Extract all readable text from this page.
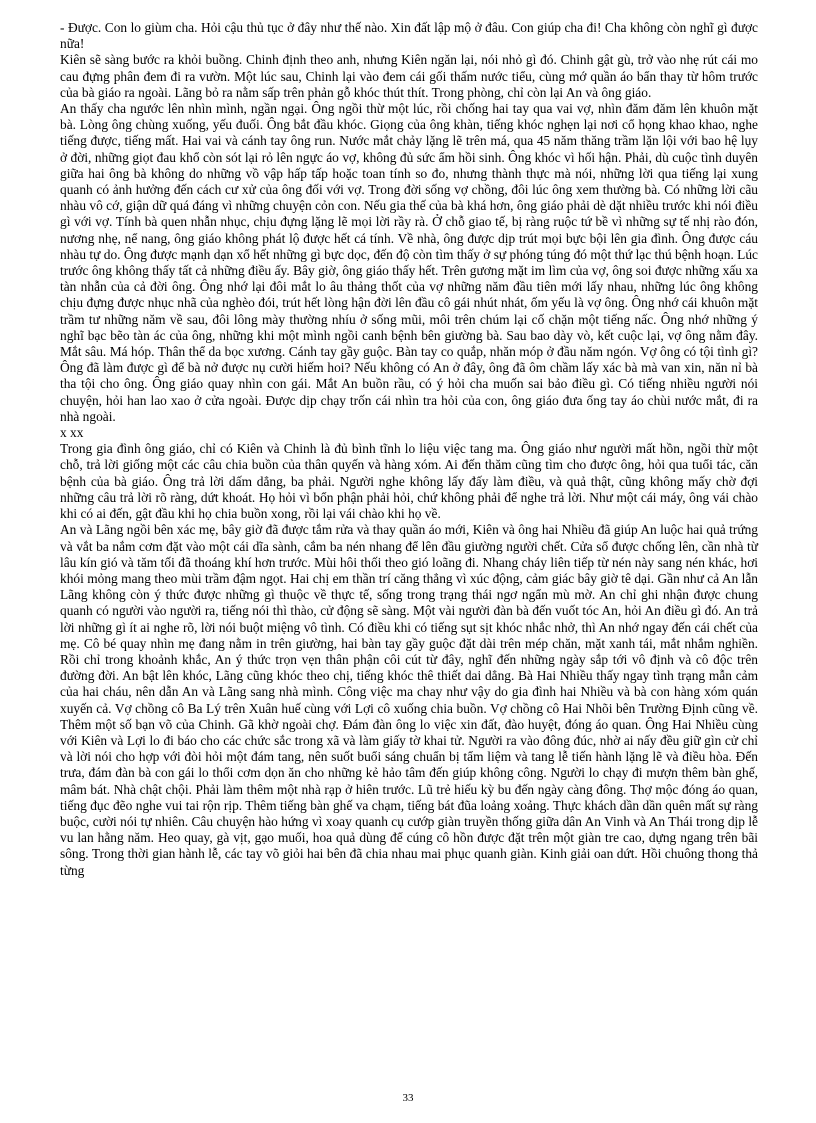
- Được. Con lo giùm cha. Hỏi cậu thủ tục ở đây như thế nào. Xin đất lập mộ ở đâu. Con giúp cha đi! Cha không còn nghĩ gì được nữa!

Kiên sẽ sàng bước ra khỏi buồng. Chinh định theo anh, nhưng Kiên ngăn lại, nói nhỏ gì đó. Chinh gật gù, trở vào nhẹ rút cái mo cau đựng phân đem đi ra vườn. Một lúc sau, Chinh lại vào đem cái gối thấm nước tiểu, cùng mớ quần áo bẩn thay từ hôm trước của bà giáo ra ngoài. Lãng bỏ ra nằm sấp trên phản gỗ khóc thút thít. Trong phòng, chỉ còn lại An và ông giáo.

An thấy cha ngước lên nhìn mình, ngần ngại. Ông ngồi thừ một lúc, rồi chống hai tay qua vai vợ, nhìn đăm đăm lên khuôn mặt bà. Lòng ông chùng xuống, yếu đuối. Ông bắt đầu khóc. Giọng của ông khàn, tiếng khóc nghẹn lại nơi cổ họng khao khao, nghe tiếng được, tiếng mất. Hai vai và cánh tay ông run. Nước mắt chảy lặng lẽ trên má, qua 45 năm thăng trầm lặn lội với bao hệ lụy ở đời, những giọt đau khổ còn sót lại rỏ lên ngực áo vợ, không đủ sức ẩm hồi sinh. Ông khóc vì hối hận. Phải, dù cuộc tình duyên giữa hai ông bà không do những vồ vập hấp tấp hoặc toan tính so đo, nhưng thành thực mà nói, những lời qua tiếng lại xung quanh có ảnh hưởng đến cách cư xử của ông đối với vợ. Trong đời sống vợ chồng, đôi lúc ông xem thường bà. Có những lời cãu nhàu vô cớ, giận dữ quá đáng vì những chuyện cỏn con. Nếu gia thế của bà khá hơn, ông giáo phải dè dặt nhiều trước khi nói điều gì với vợ. Tính bà quen nhẫn nhục, chịu đựng lặng lẽ mọi lời rầy rà. Ở chỗ giao tế, bị ràng ruộc tứ bề vì những sự tế nhị rào đón, nương nhẹ, nể nang, ông giáo không phát lộ được hết cá tính. Về nhà, ông được dịp trút mọi bực bội lên gia đình. Ông được cáu nhàu tự do. Ông được mạnh dạn xổ hết những gì bực dọc, đến độ còn tìm thấy ở sự phóng túng đó một thứ lạc thú bệnh hoạn. Lúc trước ông không thấy tất cả những điều ấy. Bây giờ, ông giáo thấy hết. Trên gương mặt im lìm của vợ, ông soi được những xấu xa tàn nhẫn của cả đời ông. Ông nhớ lại đôi mắt lo âu thảng thốt của vợ những năm đầu tiên mới lấy nhau, những lúc ông không chịu đựng được nhục nhã của nghèo đói, trút hết lòng hận đời lên đầu cô gái nhút nhát, ốm yếu là vợ ông. Ông nhớ cái khuôn mặt trầm tư những năm về sau, đôi lông mày thường nhíu ở sống mũi, môi trên chúm lại cố chặn một tiếng nấc. Ông nhớ những ý nghĩ bạc bẽo tàn ác của ông, những khi một mình ngồi canh bệnh bên giường bà. Sau bao dày vò, kết cuộc lại, vợ ông nằm đây. Mắt sâu. Má hóp. Thân thể da bọc xương. Cánh tay gầy guộc. Bàn tay co quắp, nhăn móp ở đầu năm ngón. Vợ ông có tội tình gì? Ông đã làm được gì để bà nở được nụ cười hiếm hoi? Nếu không có An ở đây, ông đã ôm chầm lấy xác bà mà van xin, năn nỉ bà tha tội cho ông. Ông giáo quay nhìn con gái. Mắt An buồn rầu, có ý hỏi cha muốn sai bảo điều gì. Có tiếng nhiều người nói chuyện, hỏi han lao xao ở cửa ngoài. Được dịp chạy trốn cái nhìn tra hỏi của con, ông giáo đưa ống tay áo chùi nước mắt, đi ra nhà ngoài.

x xx

Trong gia đình ông giáo, chỉ có Kiên và Chinh là đủ bình tĩnh lo liệu việc tang ma. Ông giáo như người mất hồn, ngồi thừ một chỗ, trả lời giống một các câu chia buồn của thân quyến và hàng xóm. Ai đến thăm cũng tìm cho được ông, hỏi qua tuổi tác, căn bệnh của bà giáo. Ông trả lời dấm dẳng, ba phải. Người nghe không lấy đấy làm điều, và quả thật, cũng không mấy chờ đợi những câu trả lời rõ ràng, dứt khoát. Họ hỏi vì bổn phận phải hỏi, chứ không phải để nghe trả lời. Như một cái máy, ông vái chào khi có ai đến, gật đầu khi họ chia buồn xong, rồi lại vái chào khi họ về.

An và Lãng ngồi bên xác mẹ, bây giờ đã được tắm rửa và thay quần áo mới, Kiên và ông hai Nhiều đã giúp An luộc hai quả trứng và vắt ba nắm cơm đặt vào một cái dĩa sành, cắm ba nén nhang để lên đầu giường người chết. Cửa sổ được chống lên, cần nhà từ lâu kín gió và tăm tối đã thoáng khí hơn trước. Mùi hôi thối theo gió loãng đi. Nhang cháy liên tiếp từ nén này sang nén khác, hơi khói mỏng mang theo mùi trầm đậm ngọt. Hai chị em thần trí căng thẳng vì xúc động, cảm giác bây giờ tê dại. Gần như cả An lẫn Lãng không còn ý thức được những gì thuộc về thực tế, sống trong trạng thái ngơ ngẩn mù mờ. An chỉ ghi nhận được chung quanh có người vào người ra, tiếng nói thì thào, cử động sẽ sàng. Một vài người đàn bà đến vuốt tóc An, hỏi An điều gì đó. An trả lời những gì ít ai nghe rõ, lời nói buột miệng vô tình. Có điều khi có tiếng sụt sịt khóc nhắc nhở, thì An nhớ ngay đến cái chết của mẹ. Cô bé quay nhìn mẹ đang nằm in trên giường, hai bàn tay gầy guộc đặt dài trên mép chăn, mặt xanh tái, mắt nhắm nghiền. Rồi chỉ trong khoảnh khắc, An ý thức trọn vẹn thân phận côi cút từ đây, nghĩ đến những ngày sắp tới vô định và cô độc trên đường đời. An bật lên khóc, Lãng cũng khóc theo chị, tiếng khóc thê thiết dai dẳng. Bà Hai Nhiều thấy ngay tình trạng mẫn cảm của hai cháu, nên dẫn An và Lãng sang nhà mình. Công việc ma chay như vậy do gia đình hai Nhiều và bà con hàng xóm quán xuyến cả. Vợ chồng cô Ba Lý trên Xuân huế cùng với Lợi cô xuống chia buồn. Vợ chồng cô Hai Nhõi bên Trường Định cũng về. Thêm một số bạn võ của Chinh. Gã khờ ngoài chợ. Đám đàn ông lo việc xin đất, đào huyệt, đóng áo quan. Ông Hai Nhiều cùng với Kiên và Lợi lo đi báo cho các chức sắc trong xã và làm giấy tờ khai tử. Người ra vào đông đúc, nhờ ai nấy đều giữ gìn cử chỉ và lời nói cho hợp với đòi hỏi một đám tang, nên suốt buổi sáng chuẩn bị tẩm liệm và tang lễ tiến hành lặng lẽ và điều hòa. Đến trưa, đám đàn bà con gái lo thổi cơm dọn ăn cho những kẻ hảo tâm đến giúp không công. Người lo chạy đi mượn thêm bàn ghế, mâm bát. Nhà chật chội. Phải làm thêm một nhà rạp ở hiên trước. Lũ trẻ hiếu kỳ bu đến ngày càng đông. Thợ mộc đóng áo quan, tiếng đục đẽo nghe vui tai rộn rịp. Thêm tiếng bàn ghế va chạm, tiếng bát đũa loảng xoảng. Thực khách dần dần quên mất sự ràng buộc, cười nói tự nhiên. Câu chuyện hào hứng vì xoay quanh cụ cướp giàn truyền thống giữa dân An Vinh và An Thái trong dịp lễ vu lan hằng năm. Heo quay, gà vịt, gạo muối, hoa quả dùng để cúng cô hồn được đặt trên một giàn tre cao, dựng ngang trên bãi sông. Trong thời gian hành lễ, các tay võ giỏi hai bên đã chia nhau mai phục quanh giàn. Kinh giải oan dứt. Hồi chuông thong thả từng

33
